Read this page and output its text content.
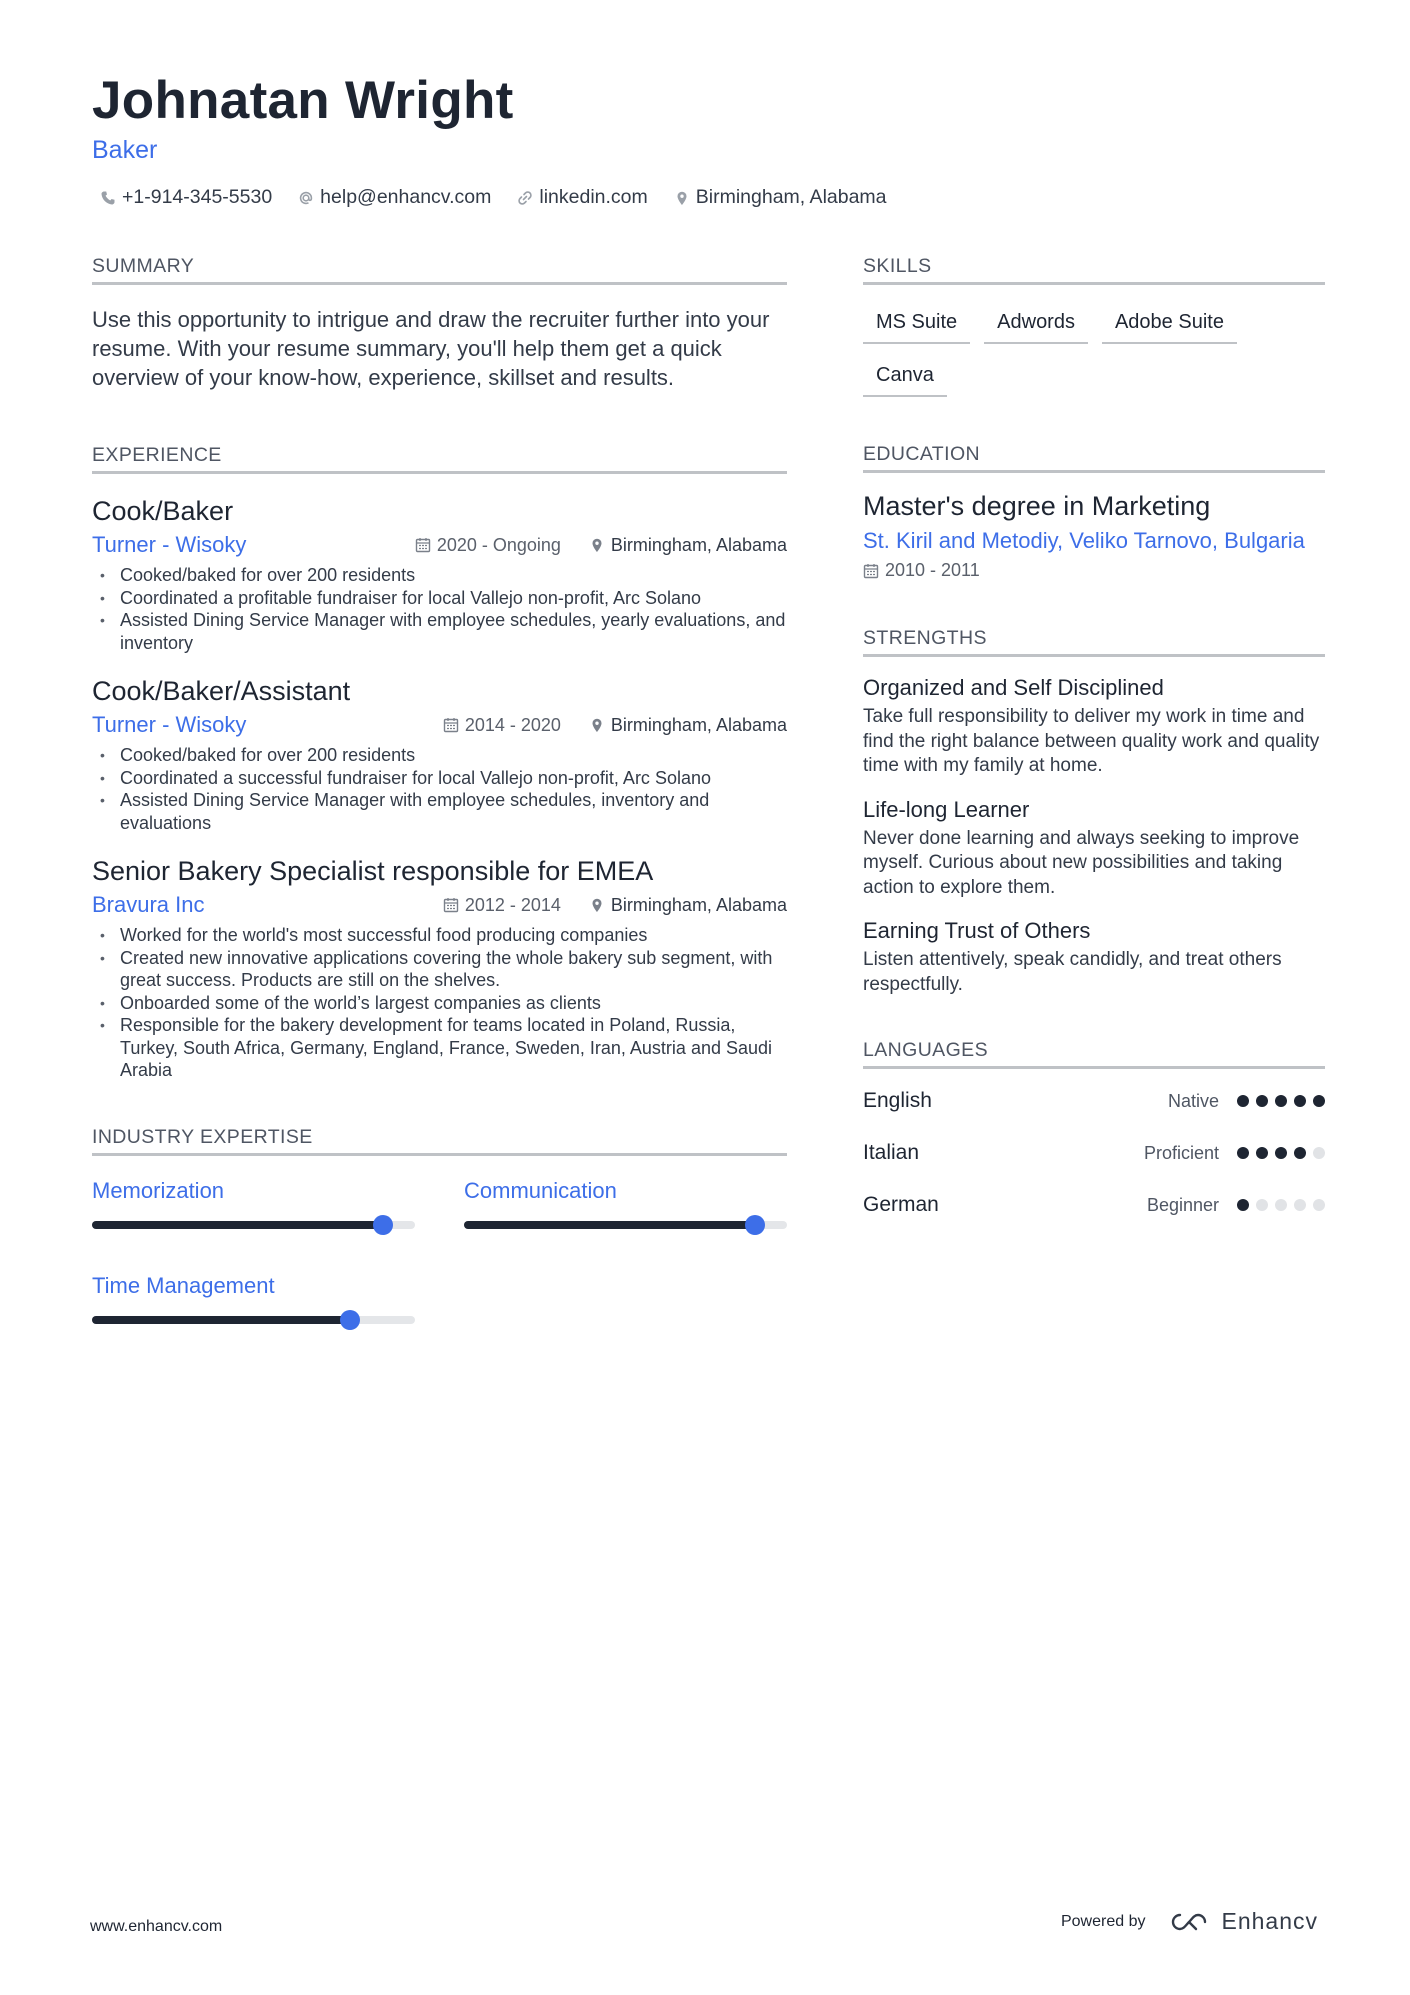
Johnatan Wright
Baker
+1-914-345-5530 help@enhancv.com linkedin.com Birmingham, Alabama
SUMMARY
Use this opportunity to intrigue and draw the recruiter further into your resume. With your resume summary, you'll help them get a quick overview of your know-how, experience, skillset and results.
EXPERIENCE
Cook/Baker
Turner - Wisoky	2020 - Ongoing	Birmingham, Alabama
• Cooked/baked for over 200 residents
• Coordinated a profitable fundraiser for local Vallejo non-profit, Arc Solano
• Assisted Dining Service Manager with employee schedules, yearly evaluations, and inventory
Cook/Baker/Assistant
Turner - Wisoky	2014 - 2020	Birmingham, Alabama
• Cooked/baked for over 200 residents
• Coordinated a successful fundraiser for local Vallejo non-profit, Arc Solano
• Assisted Dining Service Manager with employee schedules, inventory and evaluations
Senior Bakery Specialist responsible for EMEA
Bravura Inc	2012 - 2014	Birmingham, Alabama
• Worked for the world's most successful food producing companies
• Created new innovative applications covering the whole bakery sub segment, with great success. Products are still on the shelves.
• Onboarded some of the world’s largest companies as clients
• Responsible for the bakery development for teams located in Poland, Russia, Turkey, South Africa, Germany, England, France, Sweden, Iran, Austria and Saudi Arabia
INDUSTRY EXPERTISE
Memorization	Communication
Time Management
SKILLS
MS Suite	Adwords	Adobe Suite
Canva
EDUCATION
Master's degree in Marketing
St. Kiril and Metodiy, Veliko Tarnovo, Bulgaria
2010 - 2011
STRENGTHS
Organized and Self Disciplined
Take full responsibility to deliver my work in time and find the right balance between quality work and quality time with my family at home.
Life-long Learner
Never done learning and always seeking to improve myself. Curious about new possibilities and taking action to explore them.
Earning Trust of Others
Listen attentively, speak candidly, and treat others respectfully.
LANGUAGES
English	Native
Italian	Proficient
German	Beginner
www.enhancv.com	Powered by	Enhancv
